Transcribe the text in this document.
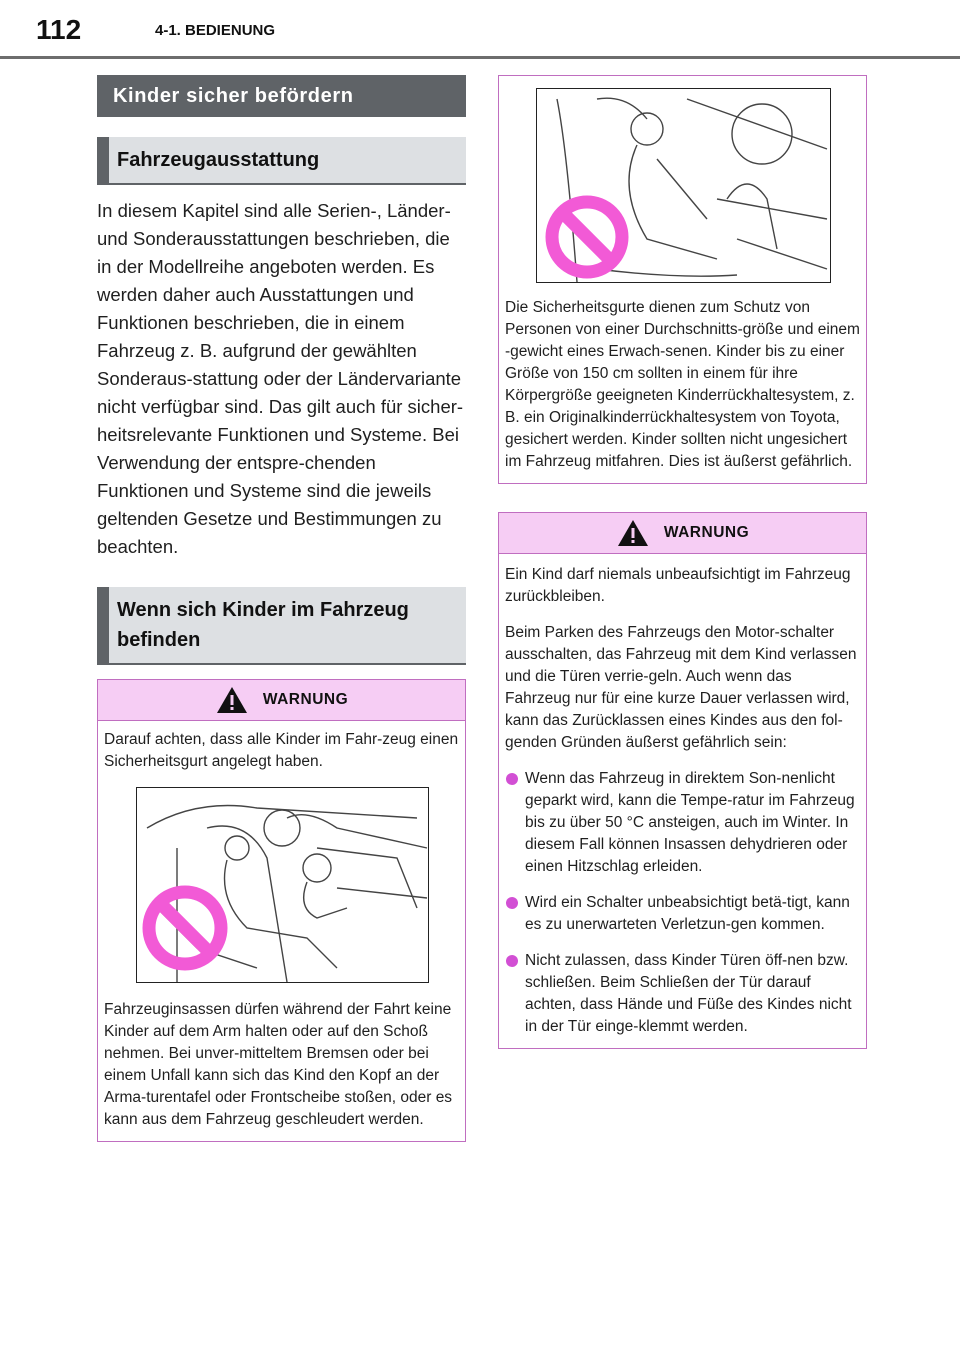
112	4-1. BEDIENUNG
Kinder sicher befördern
Fahrzeugausstattung
In diesem Kapitel sind alle Serien-, Länder- und Sonderausstattungen beschrieben, die in der Modellreihe angeboten werden. Es werden daher auch Ausstattungen und Funktionen beschrieben, die in einem Fahrzeug z. B. aufgrund der gewählten Sonderaus-stattung oder der Ländervariante nicht verfügbar sind. Das gilt auch für sicher-heitsrelevante Funktionen und Systeme. Bei Verwendung der entspre-chenden Funktionen und Systeme sind die jeweils geltenden Gesetze und Bestimmungen zu beachten.
Wenn sich Kinder im Fahrzeug befinden
WARNUNG

Darauf achten, dass alle Kinder im Fahr-zeug einen Sicherheitsgurt angelegt haben.

Fahrzeuginsassen dürfen während der Fahrt keine Kinder auf dem Arm halten oder auf den Schoß nehmen. Bei unver-mitteltem Bremsen oder bei einem Unfall kann sich das Kind den Kopf an der Arma-turentafel oder Frontscheibe stoßen, oder es kann aus dem Fahrzeug geschleudert werden.

Die Sicherheitsgurte dienen zum Schutz von Personen von einer Durchschnitts-größe und einem -gewicht eines Erwach-senen. Kinder bis zu einer Größe von 150 cm sollten in einem für ihre Körpergröße geeigneten Kinderrückhaltesystem, z. B. ein Originalkinderrückhaltesystem von Toyota, gesichert werden. Kinder sollten nicht ungesichert im Fahrzeug mitfahren. Dies ist äußerst gefährlich.

WARNUNG

Ein Kind darf niemals unbeaufsichtigt im Fahrzeug zurückbleiben.

Beim Parken des Fahrzeugs den Motor-schalter ausschalten, das Fahrzeug mit dem Kind verlassen und die Türen verrie-geln. Auch wenn das Fahrzeug nur für eine kurze Dauer verlassen wird, kann das Zurücklassen eines Kindes aus den fol-genden Gründen äußerst gefährlich sein:

Wenn das Fahrzeug in direktem Son-nenlicht geparkt wird, kann die Tempe-ratur im Fahrzeug bis zu über 50 °C ansteigen, auch im Winter. In diesem Fall können Insassen dehydrieren oder einen Hitzschlag erleiden.
Wird ein Schalter unbeabsichtigt betä-tigt, kann es zu unerwarteten Verletzun-gen kommen.
Nicht zulassen, dass Kinder Türen öff-nen bzw. schließen. Beim Schließen der Tür darauf achten, dass Hände und Füße des Kindes nicht in der Tür einge-klemmt werden.
